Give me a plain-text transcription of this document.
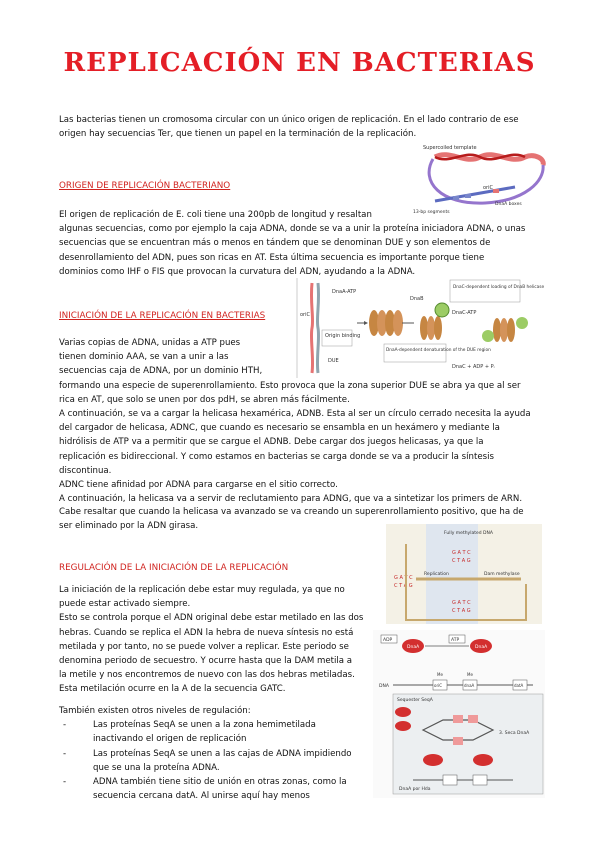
REPLICACIÓN EN BACTERIAS
Las bacterias tienen un cromosoma circular con un único origen de replicación. En el lado contrario de ese
origen hay secuencias Ter, que tienen un papel en la terminación de la replicación.
Supercoiled template
oriC
13-bp segments
DnaA boxes
ORIGEN DE REPLICACIÓN BACTERIANO
El origen de replicación de E. coli tiene una 200pb de longitud y resaltan
algunas secuencias, como por ejemplo la caja ADNA, donde se va a unir la proteína iniciadora ADNA, o unas
secuencias que se encuentran más o menos en tándem que se denominan DUE y son elementos de
desenrollamiento del ADN, pues son ricas en AT. Esta última secuencia es importante porque tiene
dominios como IHF o FIS que provocan la curvatura del ADN, ayudando a la ADNA.
oriC
Origin binding
DUE
DnaA-ATP
DnaB
DnaC-dependent loading of DnaB helicase
DnaC-ATP
DnaA-dependent denaturation of the DUE region
DnaC + ADP + Pᵢ
INICIACIÓN DE LA REPLICACIÓN EN BACTERIAS
Varias copias de ADNA, unidas a ATP pues
tienen dominio AAA, se van a unir a las
secuencias caja de ADNA, por un dominio HTH,
formando una especie de superenrollamiento. Esto provoca que la zona superior DUE se abra ya que al ser
rica en AT, que solo se unen por dos pdH, se abren más fácilmente.
A continuación, se va a cargar la helicasa hexamérica, ADNB. Esta al ser un círculo cerrado necesita la ayuda
del cargador de helicasa, ADNC, que cuando es necesario se ensambla en un hexámero y mediante la
hidrólisis de ATP va a permitir que se cargue el ADNB. Debe cargar dos juegos helicasas, ya que la
replicación es bidireccional. Y como estamos en bacterias se carga donde se va a producir la síntesis
discontinua.
ADNC tiene afinidad por ADNA para cargarse en el sitio correcto.
A continuación, la helicasa va a servir de reclutamiento para ADNG, que va a sintetizar los primers de ARN.
Cabe resaltar que cuando la helicasa va avanzado se va creando un superenrollamiento positivo, que ha de
ser eliminado por la ADN girasa.
Fully methylated DNA
G A T C
C T A G
G A T C
C T A G
Replication	Dam methylase
G A T C
C T A G
REGULACIÓN DE LA INICIACIÓN DE LA REPLICACIÓN
La iniciación de la replicación debe estar muy regulada, ya que no
puede estar activado siempre.
Esto se controla porque el ADN original debe estar metilado en las dos
hebras. Cuando se replica el ADN la hebra de nueva síntesis no está
metilada y por tanto, no se puede volver a replicar. Este periodo se
denomina periodo de secuestro. Y ocurre hasta que la DAM metila a
la metile y nos encontremos de nuevo con las dos hebras metiladas.
Esta metilación ocurre en la A de la secuencia GATC.
También existen otros niveles de regulación:
- Las proteínas SeqA se unen a la zona hemimetilada
inactivando el origen de replicación
- Las proteínas SeqA se unen a las cajas de ADNA impidiendo
que se una la proteína ADNA.
- ADNA también tiene sitio de unión en otras zonas, como la
secuencia cercana datA. Al unirse aquí hay menos
ADP
DnaA
ATP
DnaA
DNA	oriC	dnaA	datA
Me	Me
Sequester SeqA
3. Seca DnaA
DnaA por Hda
